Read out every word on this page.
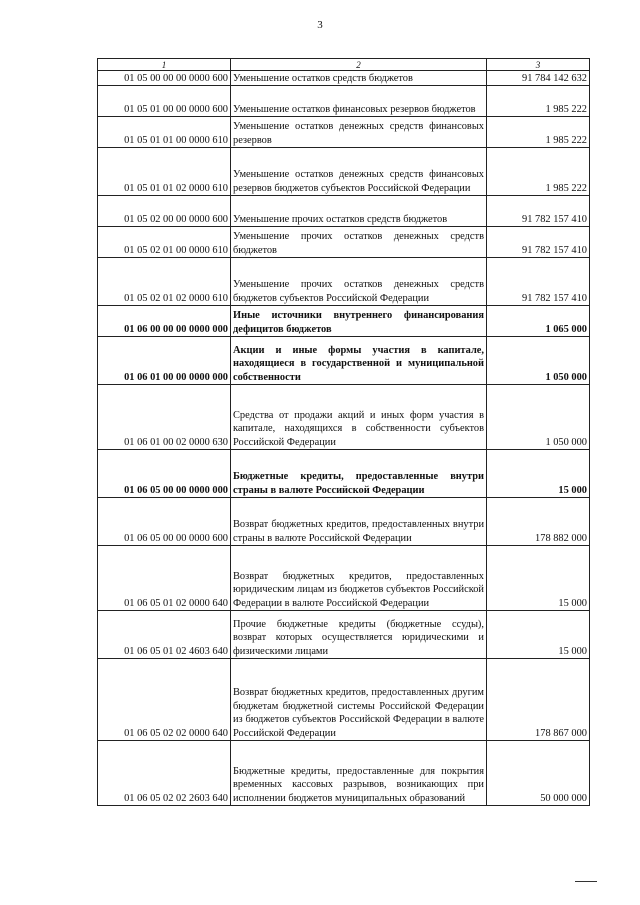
3
1	2	3
01 05 00 00 00 0000 600	Уменьшение остатков средств бюджетов	91 784 142 632
01 05 01 00 00 0000 600	Уменьшение остатков финансовых резервов бюджетов	1 985 222
01 05 01 01 00 0000 610	Уменьшение остатков денежных средств финансовых резервов	1 985 222
01 05 01 01 02 0000 610	Уменьшение остатков денежных средств финансовых резервов бюджетов субъектов Российской Федерации	1 985 222
01 05 02 00 00 0000 600	Уменьшение прочих остатков средств бюджетов	91 782 157 410
01 05 02 01 00 0000 610	Уменьшение прочих остатков денежных средств бюджетов	91 782 157 410
01 05 02 01 02 0000 610	Уменьшение прочих остатков денежных средств бюджетов субъектов Российской Федерации	91 782 157 410
01 06 00 00 00 0000 000	Иные источники внутреннего финансирования дефицитов бюджетов	1 065 000
01 06 01 00 00 0000 000	Акции и иные формы участия в капитале, находящиеся в государственной и муниципальной собственности	1 050 000
01 06 01 00 02 0000 630	Средства от продажи акций и иных форм участия в капитале, находящихся в собственности субъектов Российской Федерации	1 050 000
01 06 05 00 00 0000 000	Бюджетные кредиты, предоставленные внутри страны в валюте Российской Федерации	15 000
01 06 05 00 00 0000 600	Возврат бюджетных кредитов, предоставленных внутри страны в валюте Российской Федерации	178 882 000
01 06 05 01 02 0000 640	Возврат бюджетных кредитов, предоставленных юридическим лицам из бюджетов субъектов Российской Федерации в валюте Российской Федерации	15 000
01 06 05 01 02 4603 640	Прочие бюджетные кредиты (бюджетные ссуды), возврат которых осуществляется юридическими и физическими лицами	15 000
01 06 05 02 02 0000 640	Возврат бюджетных кредитов, предоставленных другим бюджетам бюджетной системы Российской Федерации из бюджетов субъектов Российской Федерации в валюте Российской Федерации	178 867 000
01 06 05 02 02 2603 640	Бюджетные кредиты, предоставленные для покрытия временных кассовых разрывов, возникающих при исполнении бюджетов муниципальных образований	50 000 000
